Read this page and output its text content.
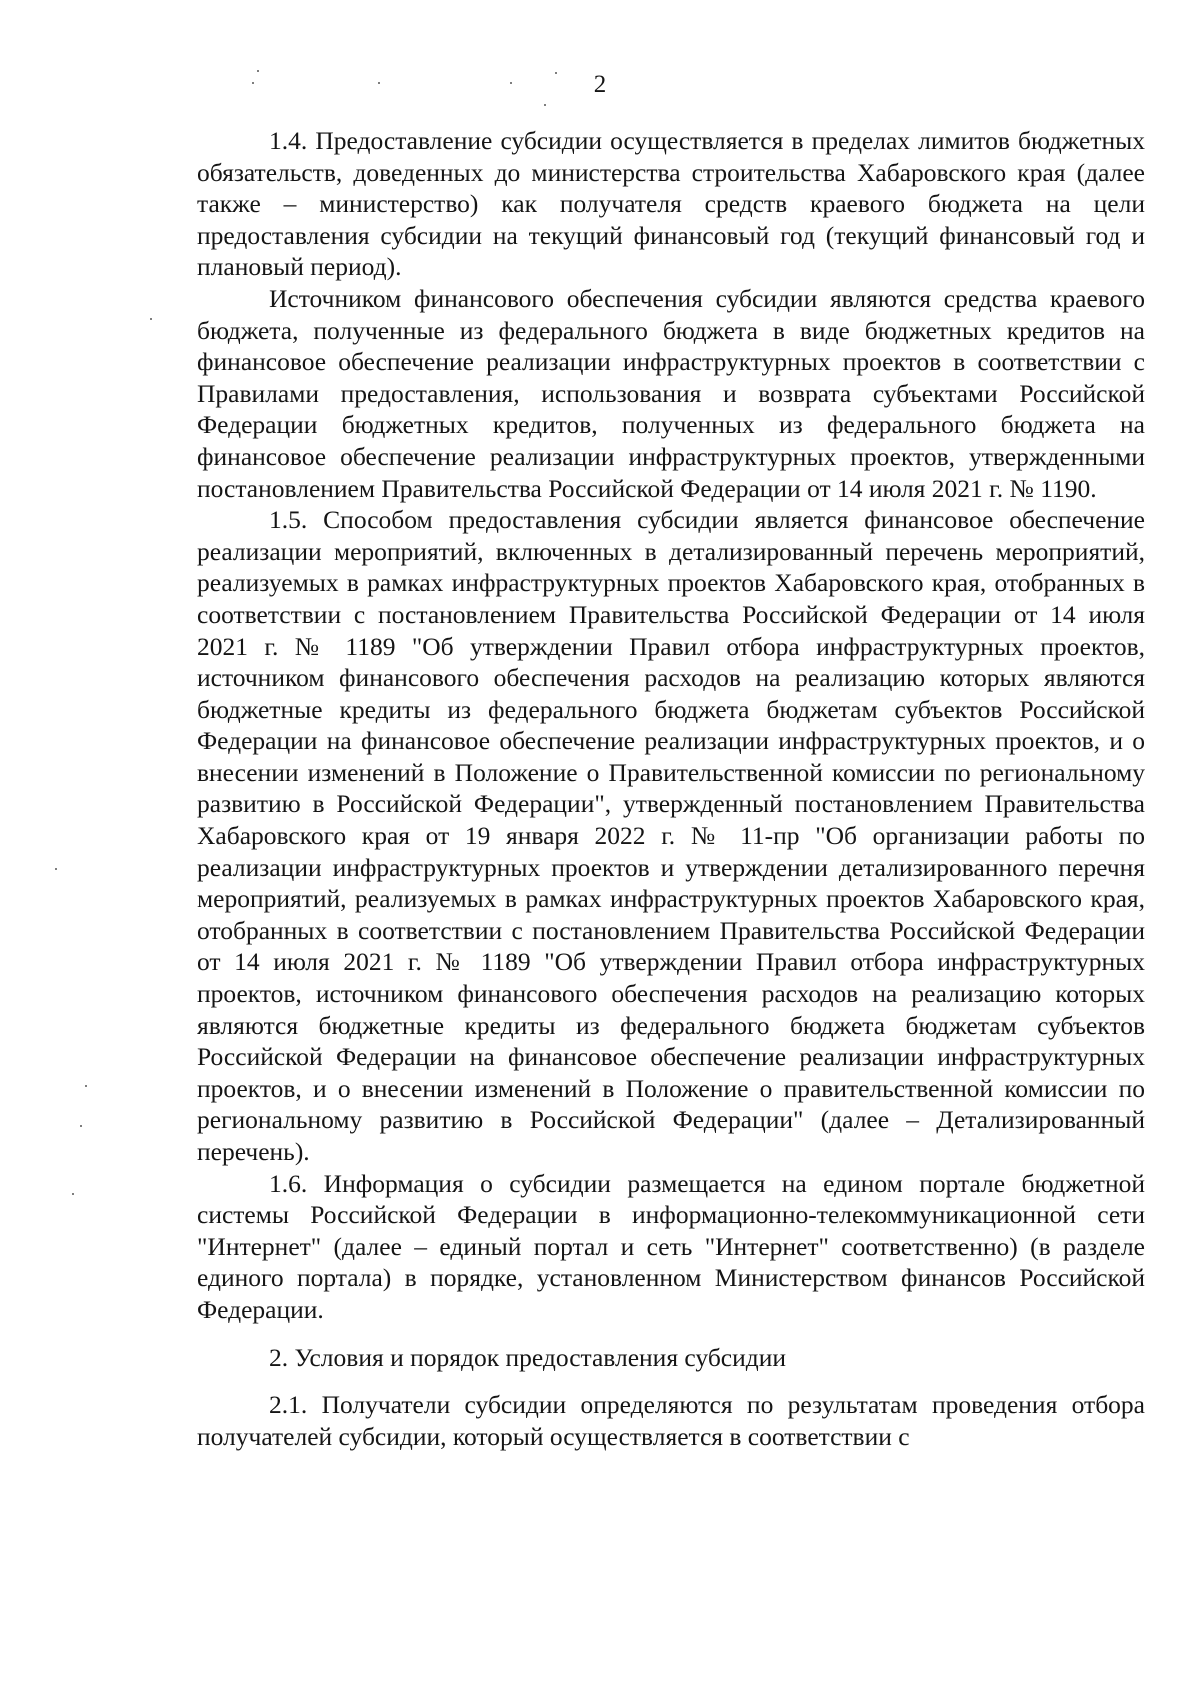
2

1.4. Предоставление субсидии осуществляется в пределах лимитов бюджетных обязательств, доведенных до министерства строительства Хабаровского края (далее также – министерство) как получателя средств краевого бюджета на цели предоставления субсидии на текущий финансовый год (текущий финансовый год и плановый период).

Источником финансового обеспечения субсидии являются средства краевого бюджета, полученные из федерального бюджета в виде бюджетных кредитов на финансовое обеспечение реализации инфраструктурных проектов в соответствии с Правилами предоставления, использования и возврата субъектами Российской Федерации бюджетных кредитов, полученных из федерального бюджета на финансовое обеспечение реализации инфраструктурных проектов, утвержденными постановлением Правительства Российской Федерации от 14 июля 2021 г. № 1190.

1.5. Способом предоставления субсидии является финансовое обеспечение реализации мероприятий, включенных в детализированный перечень мероприятий, реализуемых в рамках инфраструктурных проектов Хабаровского края, отобранных в соответствии с постановлением Правительства Российской Федерации от 14 июля 2021 г. № 1189 "Об утверждении Правил отбора инфраструктурных проектов, источником финансового обеспечения расходов на реализацию которых являются бюджетные кредиты из федерального бюджета бюджетам субъектов Российской Федерации на финансовое обеспечение реализации инфраструктурных проектов, и о внесении изменений в Положение о Правительственной комиссии по региональному развитию в Российской Федерации", утвержденный постановлением Правительства Хабаровского края от 19 января 2022 г. № 11-пр "Об организации работы по реализации инфраструктурных проектов и утверждении детализированного перечня мероприятий, реализуемых в рамках инфраструктурных проектов Хабаровского края, отобранных в соответствии с постановлением Правительства Российской Федерации от 14 июля 2021 г. № 1189 "Об утверждении Правил отбора инфраструктурных проектов, источником финансового обеспечения расходов на реализацию которых являются бюджетные кредиты из федерального бюджета бюджетам субъектов Российской Федерации на финансовое обеспечение реализации инфраструктурных проектов, и о внесении изменений в Положение о правительственной комиссии по региональному развитию в Российской Федерации" (далее – Детализированный перечень).

1.6. Информация о субсидии размещается на едином портале бюджетной системы Российской Федерации в информационно-телекоммуникационной сети "Интернет" (далее – единый портал и сеть "Интернет" соответственно) (в разделе единого портала) в порядке, установленном Министерством финансов Российской Федерации.

2. Условия и порядок предоставления субсидии

2.1. Получатели субсидии определяются по результатам проведения отбора получателей субсидии, который осуществляется в соответствии с
